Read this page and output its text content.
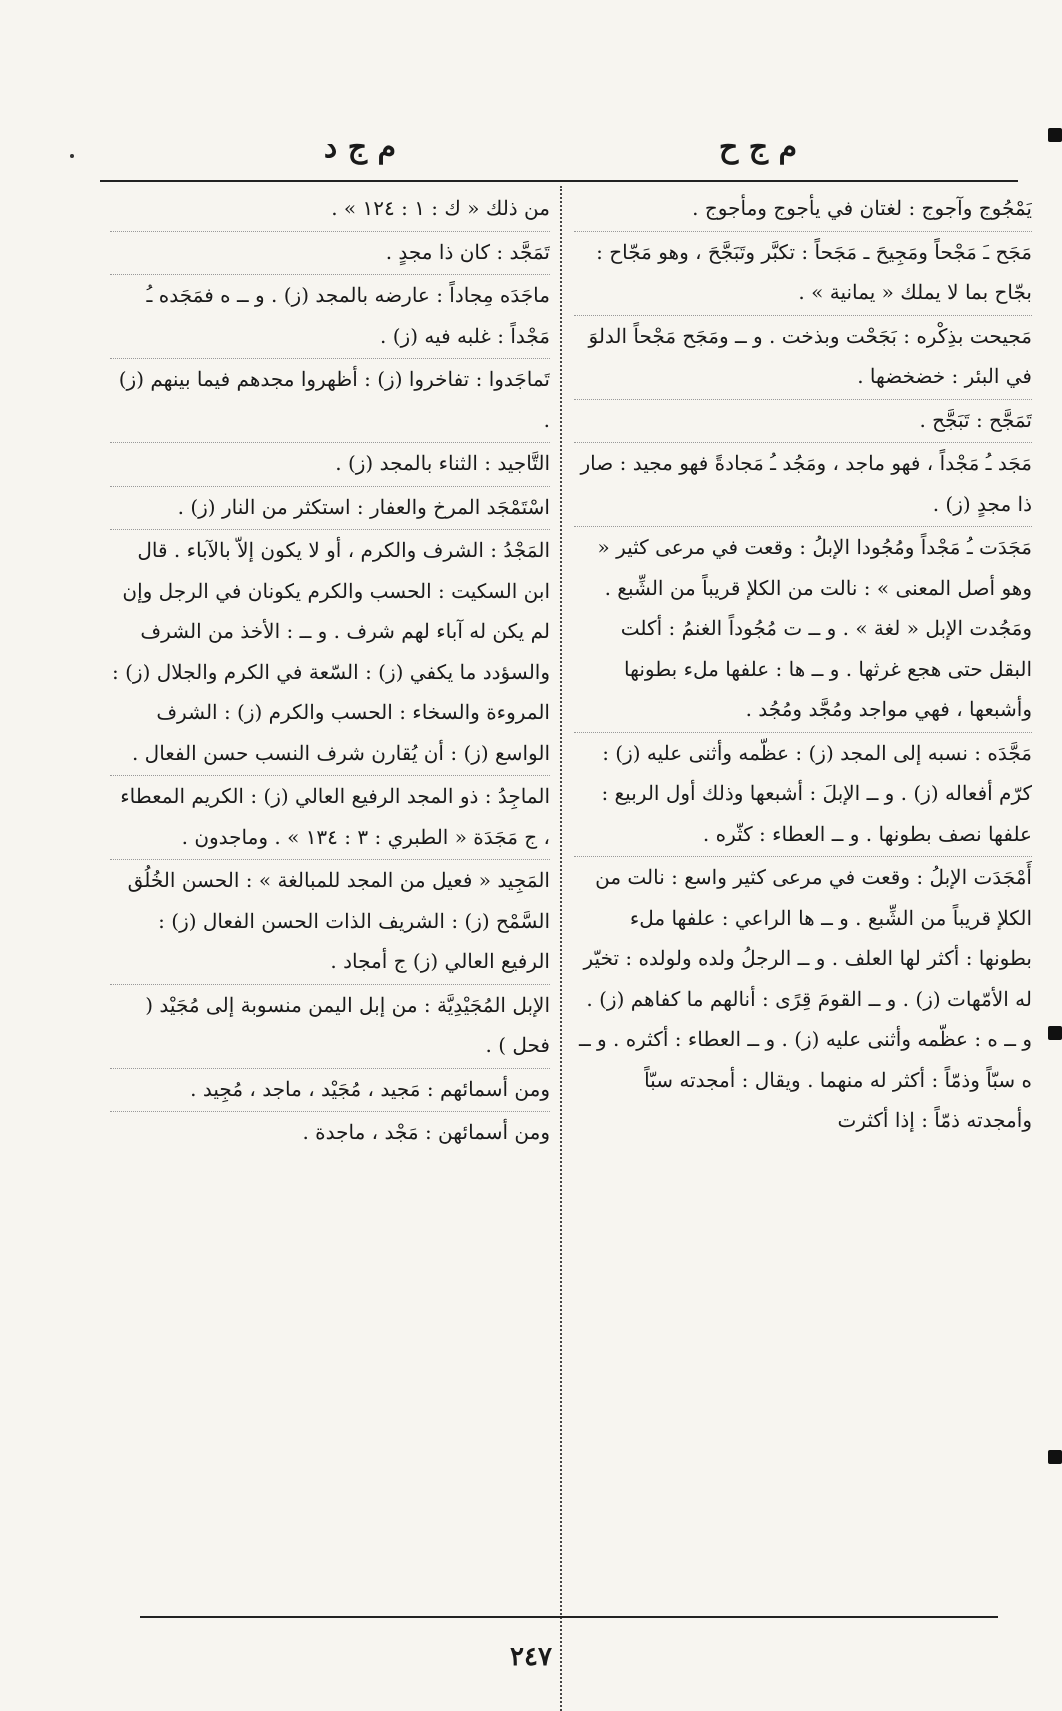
م ج ح
م ج د
يَمْجُوج وآجوج : لغتان في يأجوج ومأجوج .
مَجَح ـَ مَجْحاً ومَجِيحَ ـ مَجَحاً : تكبَّر وتَبَجَّحَ ، وهو مَجّاح : بجّاح بما لا يملك « يمانية » .
مَجيحت بذِكْره : بَجَحْت وبذخت . و ــ ومَجَح مَجْحاً الدلوَ في البئر : خضخضها .
تَمَجَّح : تَبَجَّح .
مَجَد ـُ مَجْداً ، فهو ماجد ، ومَجُد ـُ مَجادةً فهو مجيد : صار ذا مجدٍ (ز) .
مَجَدَت ـُ مَجْداً ومُجُودا الإبلُ : وقعت في مرعى كثير « وهو أصل المعنى » : نالت من الكلإ قريباً من الشِّبع . ومَجُدت الإبل « لغة » . و ــ ت مُجُوداً الغنمُ : أكلت البقل حتى هجع غرثها . و ــ ها : علفها ملء بطونها وأشبعها ، فهي مواجد ومُجَّد ومُجُد .
مَجَّدَه : نسبه إلى المجد (ز) : عظّمه وأثنى عليه (ز) : كرّم أفعاله (ز) . و ــ الإبلَ : أشبعها وذلك أول الربيع : علفها نصف بطونها . و ــ العطاء : كثّره .
أَمْجَدَت الإبلُ : وقعت في مرعى كثير واسع : نالت من الكلإ قريباً من الشِّبع . و ــ ها الراعي : علفها ملء بطونها : أكثر لها العلف . و ــ الرجلُ ولده ولولده : تخيّر له الأمّهات (ز) . و ــ القومَ قِرًى : أنالهم ما كفاهم (ز) . و ــ ه : عظّمه وأثنى عليه (ز) . و ــ العطاء : أكثره . و ــ ه سبّاً وذمّاً : أكثر له منهما . ويقال : أمجدته سبّاً وأمجدته ذمّاً : إذا أكثرت
من ذلك « ك : ١ : ١٢٤ » .
تَمَجَّد : كان ذا مجدٍ .
ماجَدَه مِجاداً : عارضه بالمجد (ز) . و ــ ه فمَجَده ـُ مَجْداً : غلبه فيه (ز) .
تَماجَدوا : تفاخروا (ز) : أظهروا مجدهم فيما بينهم (ز) .
التَّاجيد : الثناء بالمجد (ز) .
اسْتَمْجَد المرخ والعفار : استكثر من النار (ز) .
المَجْدُ : الشرف والكرم ، أو لا يكون إلاّ بالآباء . قال ابن السكيت : الحسب والكرم يكونان في الرجل وإن لم يكن له آباء لهم شرف . و ــ : الأخذ من الشرف والسؤدد ما يكفي (ز) : السّعة في الكرم والجلال (ز) : المروءة والسخاء : الحسب والكرم (ز) : الشرف الواسع (ز) : أن يُقارن شرف النسب حسن الفعال .
الماجِدُ : ذو المجد الرفيع العالي (ز) : الكريم المعطاء ، ج مَجَدَة « الطبري : ٣ : ١٣٤ » . وماجدون .
المَجِيد « فعيل من المجد للمبالغة » : الحسن الخُلُق السَّمْح (ز) : الشريف الذات الحسن الفعال (ز) : الرفيع العالي (ز) ج أمجاد .
الإبل المُجَيْدِيَّة : من إبل اليمن منسوبة إلى مُجَيْد ( فحل ) .
ومن أسمائهم : مَجيد ، مُجَيْد ، ماجد ، مُجِيد .
ومن أسمائهن : مَجْد ، ماجدة .
٢٤٧
